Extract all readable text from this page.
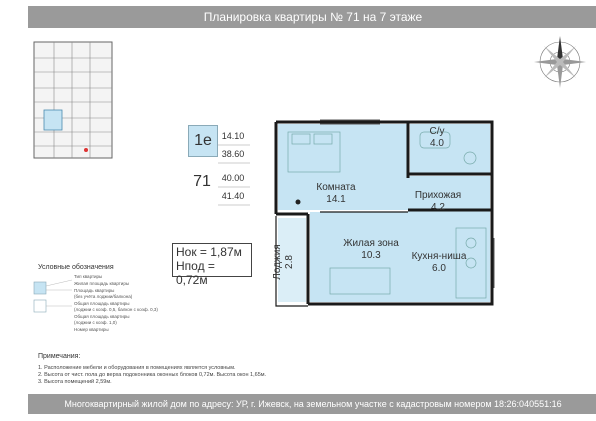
Планировка квартиры № 71 на 7 этаже
1е	14.10
38.60
71	40.00
41.40
Комната
14.1
С/у
4.0
Прихожая
4.2
Жилая зона
10.3	Кухня-ниша
6.0
Лоджия 2.8
Hок = 1,87м
Hпод = 0,72м
Условные обозначения
Тип квартиры
Жилая площадь квартиры
Площадь квартиры
(без учёта лоджии/балкона)
Общая площадь квартиры
(лоджии с коэф. 0,5, балкон с коэф. 0,3)
Общая площадь квартиры
(лоджии с коэф. 1,0)
Номер квартиры
Примечания:
1. Расположение мебели и оборудования в помещениях является условным.
2. Высота от чист. пола до верха подоконника оконных блоков 0,72м. Высота окон 1,65м.
3. Высота помещений 2,59м.
Многоквартирный жилой дом по адресу: УР, г. Ижевск, на земельном участке с кадастровым номером 18:26:040551:16
